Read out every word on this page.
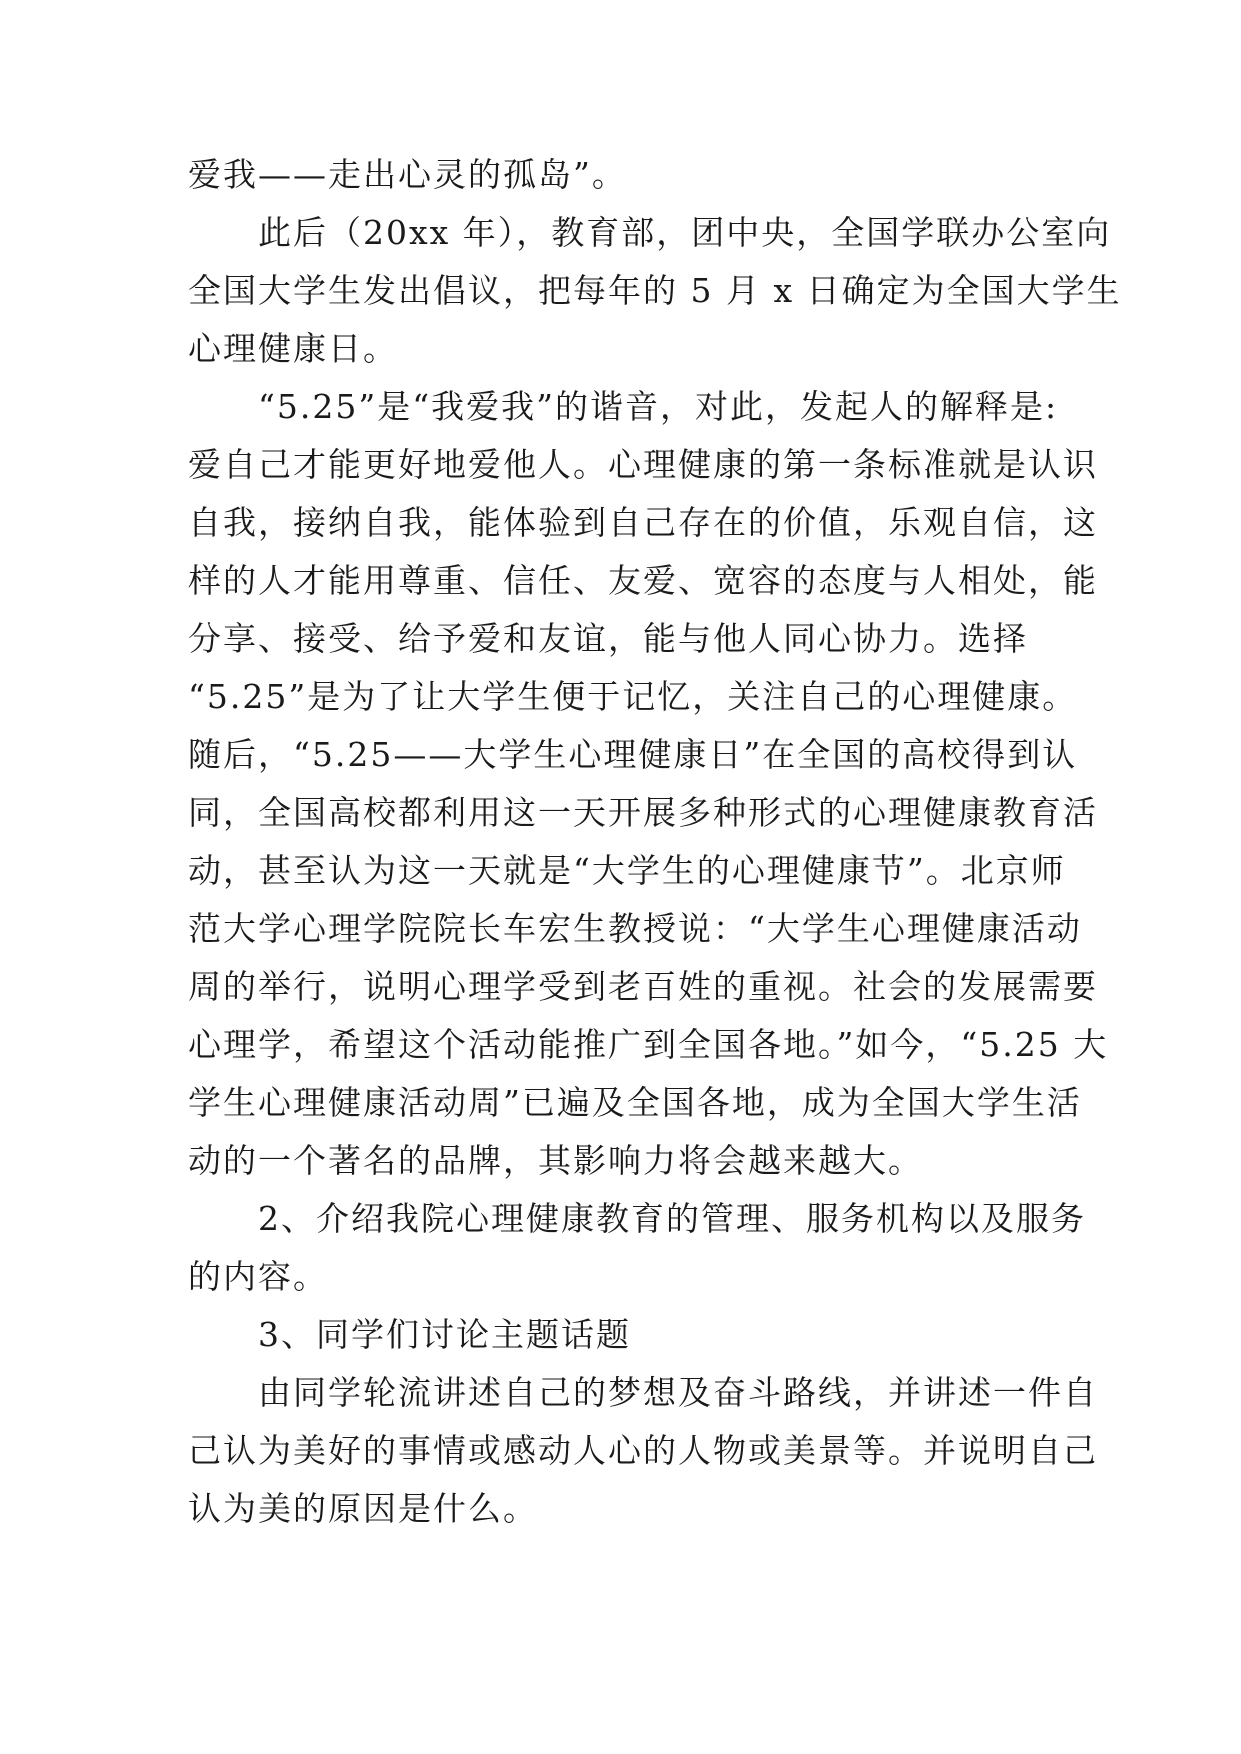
爱我——走出心灵的孤岛”。
　　此后（20xx 年），教育部，团中央，全国学联办公室向
全国大学生发出倡议，把每年的 5 月 x 日确定为全国大学生
心理健康日。
　　“5.25”是“我爱我”的谐音，对此，发起人的解释是:
爱自己才能更好地爱他人。心理健康的第一条标准就是认识
自我，接纳自我，能体验到自己存在的价值，乐观自信，这
样的人才能用尊重、信任、友爱、宽容的态度与人相处，能
分享、接受、给予爱和友谊，能与他人同心协力。选择
“5.25”是为了让大学生便于记忆，关注自己的心理健康。
随后，“5.25——大学生心理健康日”在全国的高校得到认
同，全国高校都利用这一天开展多种形式的心理健康教育活
动，甚至认为这一天就是“大学生的心理健康节”。北京师
范大学心理学院院长车宏生教授说：“大学生心理健康活动
周的举行，说明心理学受到老百姓的重视。社会的发展需要
心理学，希望这个活动能推广到全国各地。”如今，“5.25 大
学生心理健康活动周”已遍及全国各地，成为全国大学生活
动的一个著名的品牌，其影响力将会越来越大。
　　2、介绍我院心理健康教育的管理、服务机构以及服务
的内容。
　　3、同学们讨论主题话题
　　由同学轮流讲述自己的梦想及奋斗路线，并讲述一件自
己认为美好的事情或感动人心的人物或美景等。并说明自己
认为美的原因是什么。
